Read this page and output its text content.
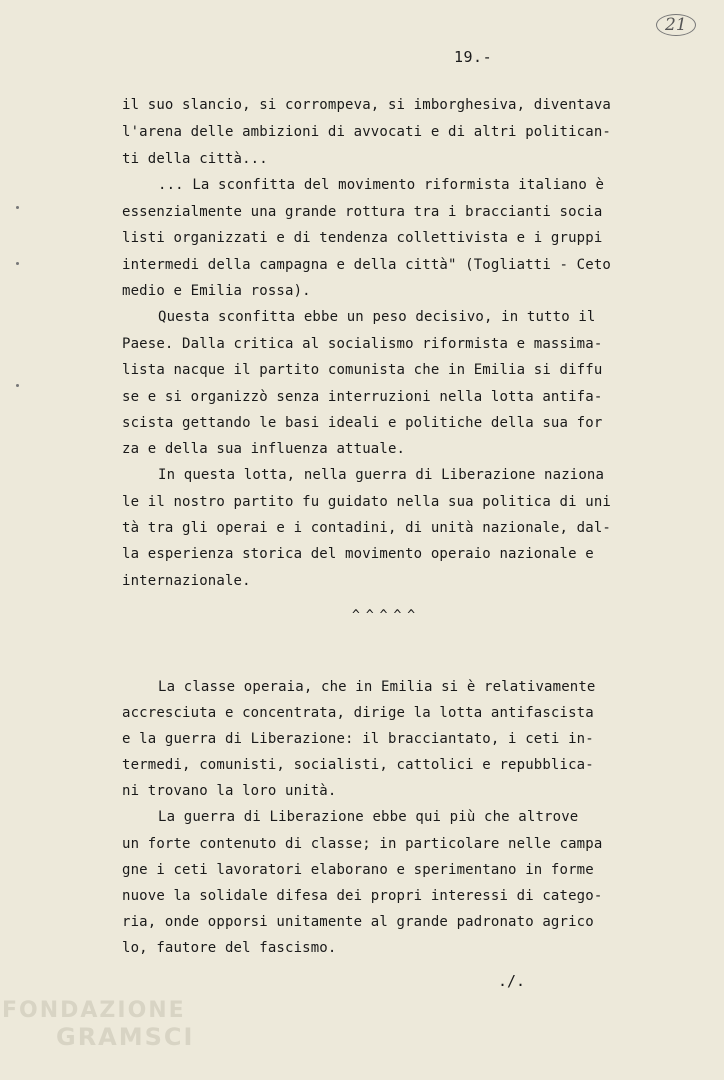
21
19.-
il suo slancio, si corrompeva, si imborghesiva, diventava
l'arena delle ambizioni di avvocati e di altri politican-
ti della città...
... La sconfitta del movimento riformista italiano è
essenzialmente una grande rottura tra i braccianti socia
listi organizzati e di tendenza collettivista e i gruppi
intermedi della campagna e della città" (Togliatti - Ceto
medio e Emilia rossa).
Questa sconfitta ebbe un peso decisivo, in tutto il
Paese. Dalla critica al socialismo riformista e massima-
lista nacque il partito comunista che in Emilia si diffu
se e si organizzò senza interruzioni nella lotta antifa-
scista gettando le basi ideali e politiche della sua for
za e della sua influenza attuale.
In questa lotta, nella guerra di Liberazione naziona
le il nostro partito fu guidato nella sua politica di uni
tà tra gli operai e i contadini, di unità nazionale, dal-
la esperienza storica del movimento operaio nazionale e
internazionale.
^^^^^
La classe operaia, che in Emilia si è relativamente
accresciuta e concentrata, dirige la lotta antifascista
e la guerra di Liberazione: il bracciantato, i ceti in-
termedi, comunisti, socialisti, cattolici e repubblica-
ni trovano la loro unità.
La guerra di Liberazione ebbe qui più che altrove
un forte contenuto di classe; in particolare nelle campa
gne i ceti lavoratori elaborano e sperimentano in forme
nuove la solidale difesa dei propri interessi di catego-
ria, onde opporsi unitamente al grande padronato agrico
lo, fautore del fascismo.
./.
FONDAZIONE
GRAMSCI
